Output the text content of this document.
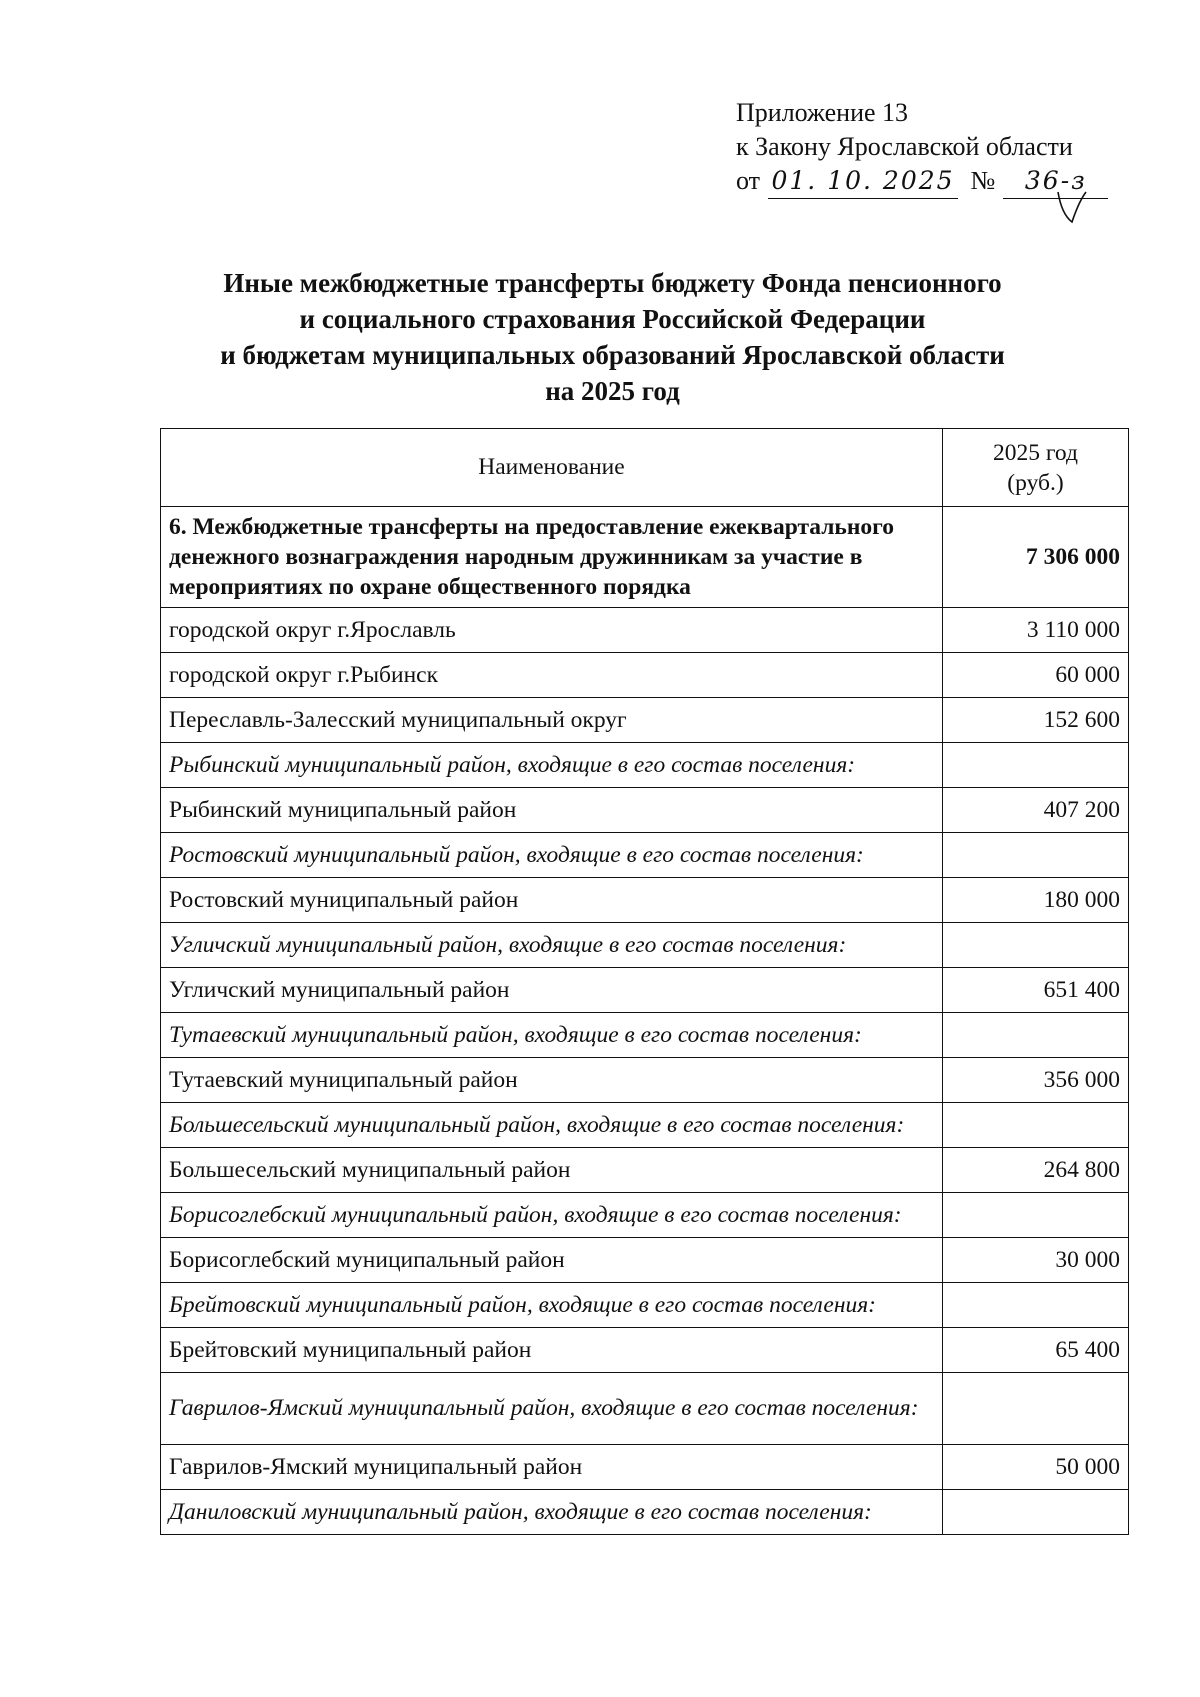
Приложение 13
к Закону Ярославской области
от 01. 10. 2025 № 36-з
Иные межбюджетные трансферты бюджету Фонда пенсионного
и социального страхования Российской Федерации
и бюджетам муниципальных образований Ярославской области
на 2025 год
Наименование	2025 год
(руб.)

6. Межбюджетные трансферты на предоставление ежеквартального денежного вознаграждения народным дружинникам за участие в мероприятиях по охране общественного порядка	7 306 000
городской округ г.Ярославль	3 110 000
городской округ г.Рыбинск	60 000
Переславль-Залесский муниципальный округ	152 600
Рыбинский муниципальный район, входящие в его состав поселения:	
Рыбинский муниципальный район	407 200
Ростовский муниципальный район, входящие в его состав поселения:	
Ростовский муниципальный район	180 000
Угличский муниципальный район, входящие в его состав поселения:	
Угличский муниципальный район	651 400
Тутаевский муниципальный район, входящие в его состав поселения:	
Тутаевский муниципальный район	356 000
Большесельский муниципальный район, входящие в его состав поселения:	
Большесельский муниципальный район	264 800
Борисоглебский муниципальный район, входящие в его состав поселения:	
Борисоглебский муниципальный район	30 000
Брейтовский муниципальный район, входящие в его состав поселения:	
Брейтовский муниципальный район	65 400
Гаврилов-Ямский муниципальный район, входящие в его состав поселения:	
Гаврилов-Ямский муниципальный район	50 000
Даниловский муниципальный район, входящие в его состав поселения:	
